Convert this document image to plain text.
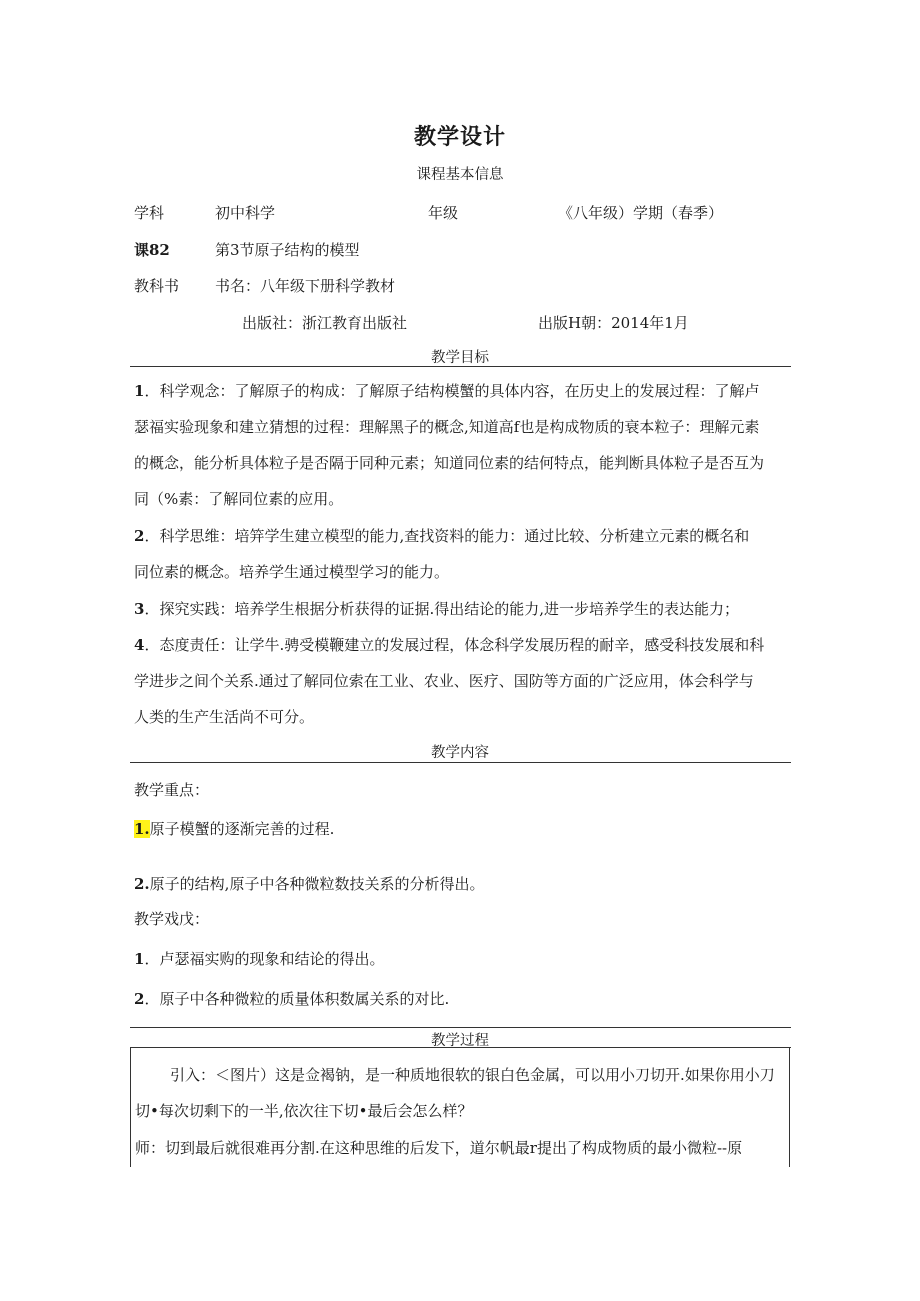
教学设计
课程基本信息
学科	初中科学	年级	《八年级）学期（春季）
课82	第3节原子结构的模型
教科书 书名：八年级下册科学教材
出版社：浙江教育出版社	出版H朝：2014年1月
教学目标
1．科学观念：了解原子的构成：了解原子结构模蟹的具体内容，在历史上的发展过程：了解卢
瑟福实验现象和建立猜想的过程：理解黑子的概念,知道高f也是构成物质的衰本粒子：理解元素
的概念，能分析具体粒子是否隔于同种元素；知道同位素的结何特点，能判断具体粒子是否互为
同（%素：了解同位素的应用。
2．科学思维：培笄学生建立模型的能力,查找资料的能力：通过比较、分析建立元素的概名和
同位素的概念。培养学生通过模型学习的能力。
3．探究实践：培养学生根据分析获得的证据.得出结论的能力,进一步培养学生的表达能力；
4．态度责任：让学牛.骋受模鞭建立的发展过程，体念科学发展历程的耐辛，感受科技发展和科
学进步之间个关系.通过了解同位索在工业、农业、医疗、国防等方面的广泛应用，体会科学与
人类的生产生活尚不可分。
教学内容
教学重点：
1.原子模蟹的逐渐完善的过程.
2.原子的结构,原子中各种微粒数技关系的分析得出。
教学戏戊：
1．卢瑟福实购的现象和结论的得出。
2．原子中各种微粒的质量体积数属关系的对比.
教学过程
引入：＜图片）这是佥褐钠，是一种质地很软的银白色金属，可以用小刀切开.如果你用小刀
切•每次切剩下的一半,依次往下切•最后会怎么样？
师：切到最后就很难再分割.在这种思维的后发下，道尔帆最r提出了构成物质的最小微粒--原
